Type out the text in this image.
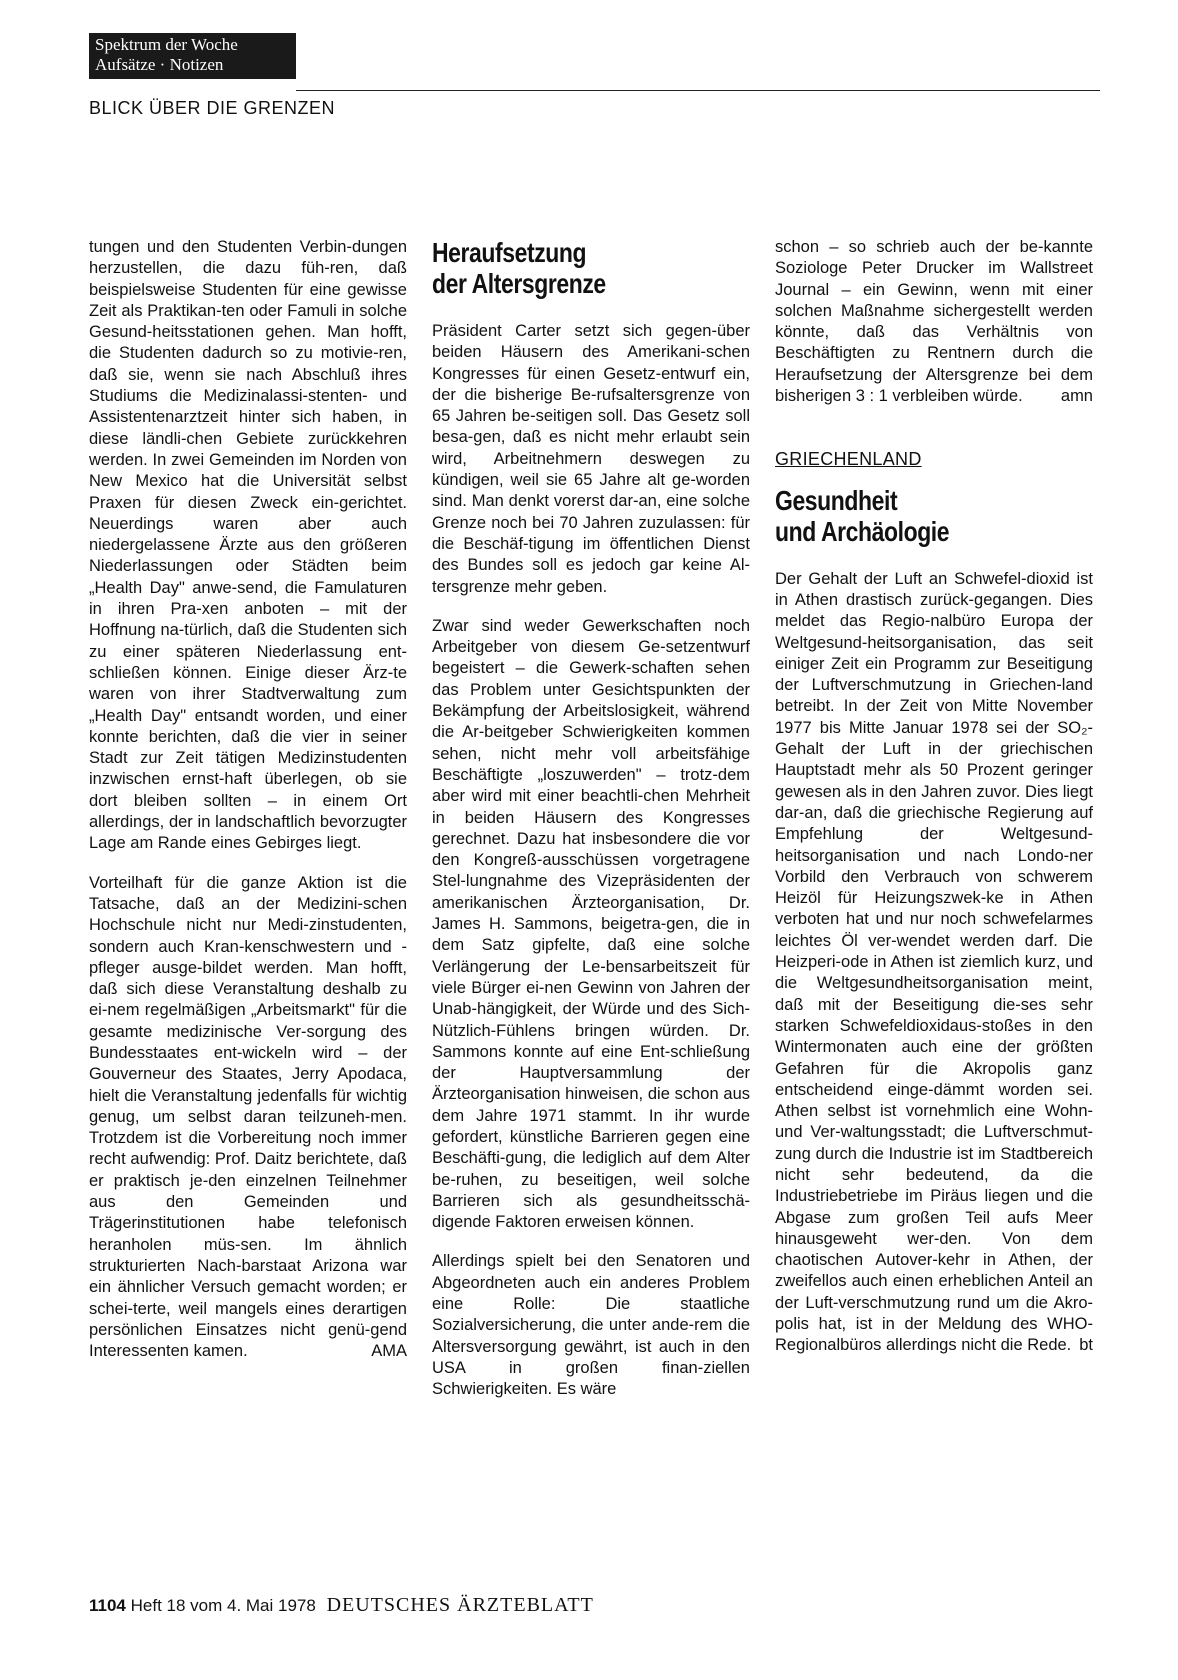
Spektrum der Woche
Aufsätze · Notizen
BLICK ÜBER DIE GRENZEN

tungen und den Studenten Verbin-dungen herzustellen, die dazu füh-ren, daß beispielsweise Studenten für eine gewisse Zeit als Praktikan-ten oder Famuli in solche Gesund-heitsstationen gehen. Man hofft, die Studenten dadurch so zu motivie-ren, daß sie, wenn sie nach Abschluß ihres Studiums die Medizinalassi-stenten- und Assistentenarztzeit hinter sich haben, in diese ländli-chen Gebiete zurückkehren werden. In zwei Gemeinden im Norden von New Mexico hat die Universität selbst Praxen für diesen Zweck ein-gerichtet. Neuerdings waren aber auch niedergelassene Ärzte aus den größeren Niederlassungen oder Städten beim „Health Day" anwe-send, die Famulaturen in ihren Pra-xen anboten – mit der Hoffnung na-türlich, daß die Studenten sich zu einer späteren Niederlassung ent-schließen können. Einige dieser Ärz-te waren von ihrer Stadtverwaltung zum „Health Day" entsandt worden, und einer konnte berichten, daß die vier in seiner Stadt zur Zeit tätigen Medizinstudenten inzwischen ernst-haft überlegen, ob sie dort bleiben sollten – in einem Ort allerdings, der in landschaftlich bevorzugter Lage am Rande eines Gebirges liegt.

Vorteilhaft für die ganze Aktion ist die Tatsache, daß an der Medizini-schen Hochschule nicht nur Medi-zinstudenten, sondern auch Kran-kenschwestern und -pfleger ausge-bildet werden. Man hofft, daß sich diese Veranstaltung deshalb zu ei-nem regelmäßigen „Arbeitsmarkt" für die gesamte medizinische Ver-sorgung des Bundesstaates ent-wickeln wird – der Gouverneur des Staates, Jerry Apodaca, hielt die Veranstaltung jedenfalls für wichtig genug, um selbst daran teilzuneh-men. Trotzdem ist die Vorbereitung noch immer recht aufwendig: Prof. Daitz berichtete, daß er praktisch je-den einzelnen Teilnehmer aus den Gemeinden und Trägerinstitutionen habe telefonisch heranholen müs-sen. Im ähnlich strukturierten Nach-barstaat Arizona war ein ähnlicher Versuch gemacht worden; er schei-terte, weil mangels eines derartigen persönlichen Einsatzes nicht genü-gend Interessenten kamen.	AMA

Heraufsetzung
der Altersgrenze

Präsident Carter setzt sich gegen-über beiden Häusern des Amerikani-schen Kongresses für einen Gesetz-entwurf ein, der die bisherige Be-rufsaltersgrenze von 65 Jahren be-seitigen soll. Das Gesetz soll besa-gen, daß es nicht mehr erlaubt sein wird, Arbeitnehmern deswegen zu kündigen, weil sie 65 Jahre alt ge-worden sind. Man denkt vorerst dar-an, eine solche Grenze noch bei 70 Jahren zuzulassen: für die Beschäf-tigung im öffentlichen Dienst des Bundes soll es jedoch gar keine Al-tersgrenze mehr geben.

Zwar sind weder Gewerkschaften noch Arbeitgeber von diesem Ge-setzentwurf begeistert – die Gewerk-schaften sehen das Problem unter Gesichtspunkten der Bekämpfung der Arbeitslosigkeit, während die Ar-beitgeber Schwierigkeiten kommen sehen, nicht mehr voll arbeitsfähige Beschäftigte „loszuwerden" – trotz-dem aber wird mit einer beachtli-chen Mehrheit in beiden Häusern des Kongresses gerechnet. Dazu hat insbesondere die vor den Kongreß-ausschüssen vorgetragene Stel-lungnahme des Vizepräsidenten der amerikanischen Ärzteorganisation, Dr. James H. Sammons, beigetra-gen, die in dem Satz gipfelte, daß eine solche Verlängerung der Le-bensarbeitszeit für viele Bürger ei-nen Gewinn von Jahren der Unab-hängigkeit, der Würde und des Sich-Nützlich-Fühlens bringen würden. Dr. Sammons konnte auf eine Ent-schließung der Hauptversammlung der Ärzteorganisation hinweisen, die schon aus dem Jahre 1971 stammt. In ihr wurde gefordert, künstliche Barrieren gegen eine Beschäfti-gung, die lediglich auf dem Alter be-ruhen, zu beseitigen, weil solche Barrieren sich als gesundheitsschä-digende Faktoren erweisen können.

Allerdings spielt bei den Senatoren und Abgeordneten auch ein anderes Problem eine Rolle: Die staatliche Sozialversicherung, die unter ande-rem die Altersversorgung gewährt, ist auch in den USA in großen finan-ziellen Schwierigkeiten. Es wäre

schon – so schrieb auch der be-kannte Soziologe Peter Drucker im Wallstreet Journal – ein Gewinn, wenn mit einer solchen Maßnahme sichergestellt werden könnte, daß das Verhältnis von Beschäftigten zu Rentnern durch die Heraufsetzung der Altersgrenze bei dem bisherigen 3 : 1 verbleiben würde. amn

GRIECHENLAND
Gesundheit
und Archäologie

Der Gehalt der Luft an Schwefel-dioxid ist in Athen drastisch zurück-gegangen. Dies meldet das Regio-nalbüro Europa der Weltgesund-heitsorganisation, das seit einiger Zeit ein Programm zur Beseitigung der Luftverschmutzung in Griechen-land betreibt. In der Zeit von Mitte November 1977 bis Mitte Januar 1978 sei der SO₂-Gehalt der Luft in der griechischen Hauptstadt mehr als 50 Prozent geringer gewesen als in den Jahren zuvor. Dies liegt dar-an, daß die griechische Regierung auf Empfehlung der Weltgesund-heitsorganisation und nach Londo-ner Vorbild den Verbrauch von schwerem Heizöl für Heizungszwek-ke in Athen verboten hat und nur noch schwefelarmes leichtes Öl ver-wendet werden darf. Die Heizperi-ode in Athen ist ziemlich kurz, und die Weltgesundheitsorganisation meint, daß mit der Beseitigung die-ses sehr starken Schwefeldioxidaus-stoßes in den Wintermonaten auch eine der größten Gefahren für die Akropolis ganz entscheidend einge-dämmt worden sei. Athen selbst ist vornehmlich eine Wohn- und Ver-waltungsstadt; die Luftverschmut-zung durch die Industrie ist im Stadtbereich nicht sehr bedeutend, da die Industriebetriebe im Piräus liegen und die Abgase zum großen Teil aufs Meer hinausgeweht wer-den. Von dem chaotischen Autover-kehr in Athen, der zweifellos auch einen erheblichen Anteil an der Luft-verschmutzung rund um die Akro-polis hat, ist in der Meldung des WHO-Regionalbüros allerdings nicht die Rede. bt

1104 Heft 18 vom 4. Mai 1978 DEUTSCHES ÄRZTEBLATT
